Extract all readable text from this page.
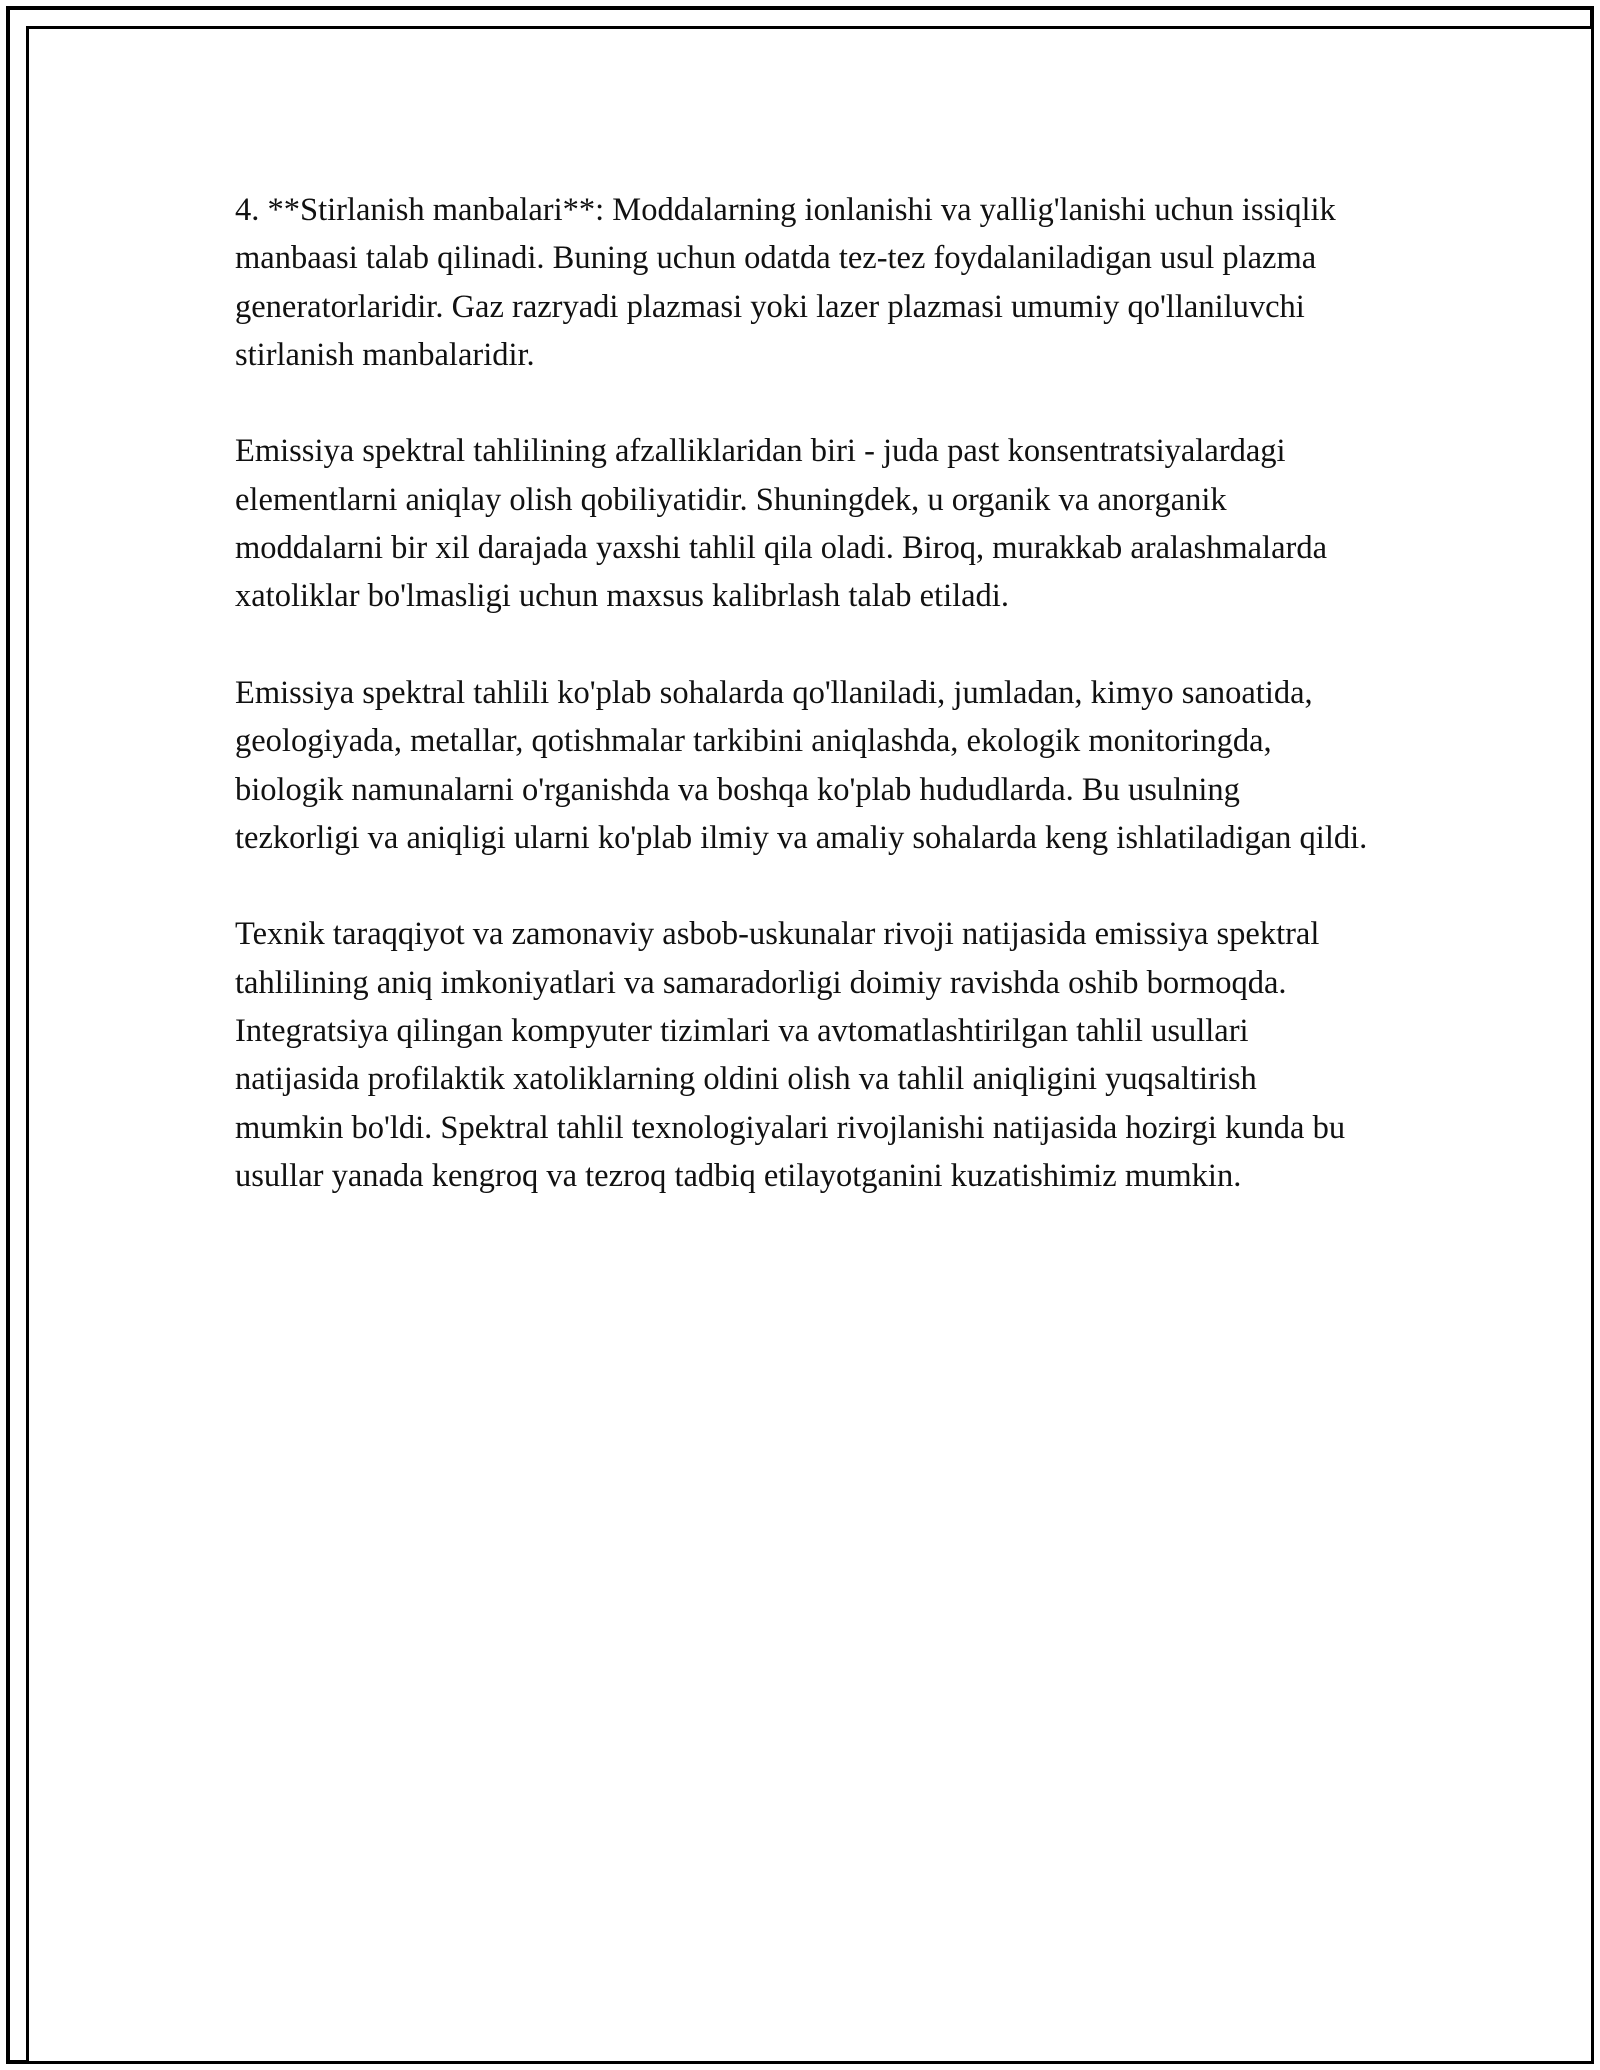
4. **Stirlanish manbalari**: Moddalarning ionlanishi va yallig'lanishi uchun issiqlik manbaasi talab qilinadi. Buning uchun odatda tez-tez foydalaniladigan usul plazma generatorlaridir. Gaz razryadi plazmasi yoki lazer plazmasi umumiy qo'llaniluvchi stirlanish manbalaridir.

Emissiya spektral tahlilining afzalliklaridan biri - juda past konsentratsiyalardagi elementlarni aniqlay olish qobiliyatidir. Shuningdek, u organik va anorganik moddalarni bir xil darajada yaxshi tahlil qila oladi. Biroq, murakkab aralashmalarda xatoliklar bo'lmasligi uchun maxsus kalibrlash talab etiladi.

Emissiya spektral tahlili ko'plab sohalarda qo'llaniladi, jumladan, kimyo sanoatida, geologiyada, metallar, qotishmalar tarkibini aniqlashda, ekologik monitoringda, biologik namunalarni o'rganishda va boshqa ko'plab hududlarda. Bu usulning tezkorligi va aniqligi ularni ko'plab ilmiy va amaliy sohalarda keng ishlatiladigan qildi.

Texnik taraqqiyot va zamonaviy asbob-uskunalar rivoji natijasida emissiya spektral tahlilining aniq imkoniyatlari va samaradorligi doimiy ravishda oshib bormoqda. Integratsiya qilingan kompyuter tizimlari va avtomatlashtirilgan tahlil usullari natijasida profilaktik xatoliklarning oldini olish va tahlil aniqligini yuqsaltirish mumkin bo'ldi. Spektral tahlil texnologiyalari rivojlanishi natijasida hozirgi kunda bu usullar yanada kengroq va tezroq tadbiq etilayotganini kuzatishimiz mumkin.
